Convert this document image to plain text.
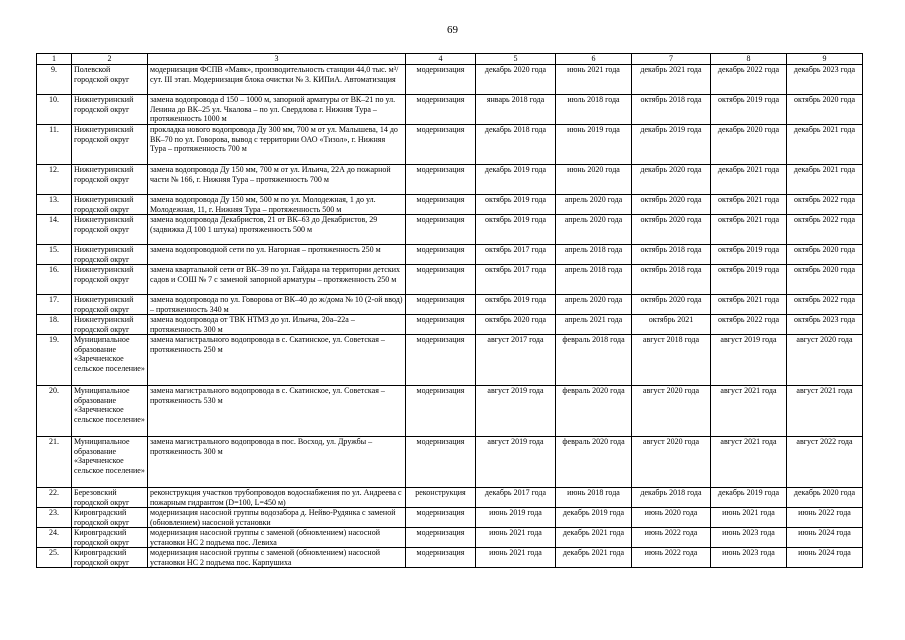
69
1	2	3	4	5	6	7	8	9
9.	Полевской городской округ	модернизация ФСПВ «Маяк», производительность станции 44,0 тыс. м³/сут. III этап. Модернизация блока очистки № 3. КИПиА. Автоматизация	модернизация	декабрь 2020 года	июнь 2021 года	декабрь 2021 года	декабрь 2022 года	декабрь 2023 года
10.	Нижнетуринский городской округ	замена водопровода d 150 – 1000 м, запорной арматуры от ВК–21 по ул. Ленина до ВК–25 ул. Чкалова – по ул. Свердлова г. Нижняя Тура – протяженность 1000 м	модернизация	январь 2018 года	июль 2018 года	октябрь 2018 года	октябрь 2019 года	октябрь 2020 года
11.	Нижнетуринский городской округ	прокладка нового водопровода Ду 300 мм, 700 м от ул. Малышева, 14 до ВК–70 по ул. Говорова, вывод с территории ОАО «Тизол», г. Нижняя Тура – протяженность 700 м	модернизация	декабрь 2018 года	июнь 2019 года	декабрь 2019 года	декабрь 2020 года	декабрь 2021 года
12.	Нижнетуринский городской округ	замена водопровода Ду 150 мм, 700 м от ул. Ильича, 22А до пожарной части № 166, г. Нижняя Тура – протяженность 700 м	модернизация	декабрь 2019 года	июнь 2020 года	декабрь 2020 года	декабрь 2021 года	декабрь 2021 года
13.	Нижнетуринский городской округ	замена водопровода Ду 150 мм, 500 м по ул. Молодежная, 1 до ул. Молодежная, 11, г. Нижняя Тура – протяженность 500 м	модернизация	октябрь 2019 года	апрель 2020 года	октябрь 2020 года	октябрь 2021 года	октябрь 2022 года
14.	Нижнетуринский городской округ	замена водопровода Декабристов, 21 от ВК–63 до Декабристов, 29 (задвижка Д 100 1 штука) протяженность 500 м	модернизация	октябрь 2019 года	апрель 2020 года	октябрь 2020 года	октябрь 2021 года	октябрь 2022 года
15.	Нижнетуринский городской округ	замена водопроводной сети по ул. Нагорная – протяженность 250 м	модернизация	октябрь 2017 года	апрель 2018 года	октябрь 2018 года	октябрь 2019 года	октябрь 2020 года
16.	Нижнетуринский городской округ	замена квартальной сети от ВК–39 по ул. Гайдара на территории детских садов и СОШ № 7 с заменой запорной арматуры – протяженность 250 м	модернизация	октябрь 2017 года	апрель 2018 года	октябрь 2018 года	октябрь 2019 года	октябрь 2020 года
17.	Нижнетуринский городской округ	замена водопровода по ул. Говорова от ВК–40 до ж/дома № 10 (2-ой ввод) – протяженность 340 м	модернизация	октябрь 2019 года	апрель 2020 года	октябрь 2020 года	октябрь 2021 года	октябрь 2022 года
18.	Нижнетуринский городской округ	замена водопровода от ТВК НТМЗ до ул. Ильича, 20а–22а – протяженность 300 м	модернизация	октябрь 2020 года	апрель 2021 года	октябрь 2021	октябрь 2022 года	октябрь 2023 года
19.	Муниципальное образование «Заречненское сельское поселение»	замена магистрального водопровода в с. Скатинское, ул. Советская – протяженность 250 м	модернизация	август 2017 года	февраль 2018 года	август 2018 года	август 2019 года	август 2020 года
20.	Муниципальное образование «Заречненское сельское поселение»	замена магистрального водопровода в с. Скатинское, ул. Советская – протяженность 530 м	модернизация	август 2019 года	февраль 2020 года	август 2020 года	август 2021 года	август 2021 года
21.	Муниципальное образование «Заречненское сельское поселение»	замена магистрального водопровода в пос. Восход, ул. Дружбы – протяженность 300 м	модернизация	август 2019 года	февраль 2020 года	август 2020 года	август 2021 года	август 2022 года
22.	Березовский городской округ	реконструкция участков трубопроводов водоснабжения по ул. Андреева с пожарным гидрантом (D=100, L=450 м)	реконструкция	декабрь 2017 года	июнь 2018 года	декабрь 2018 года	декабрь 2019 года	декабрь 2020 года
23.	Кировградский городской округ	модернизация насосной группы водозабора д. Нейво-Рудянка с заменой (обновлением) насосной установки	модернизация	июнь 2019 года	декабрь 2019 года	июнь 2020 года	июнь 2021 года	июнь 2022 года
24.	Кировградский городской округ	модернизация насосной группы с заменой (обновлением) насосной установки НС 2 подъема пос. Левиха	модернизация	июнь 2021 года	декабрь 2021 года	июнь 2022 года	июнь 2023 года	июнь 2024 года
25.	Кировградский городской округ	модернизация насосной группы с заменой (обновлением) насосной установки НС 2 подъема пос. Карпушиха	модернизация	июнь 2021 года	декабрь 2021 года	июнь 2022 года	июнь 2023 года	июнь 2024 года
